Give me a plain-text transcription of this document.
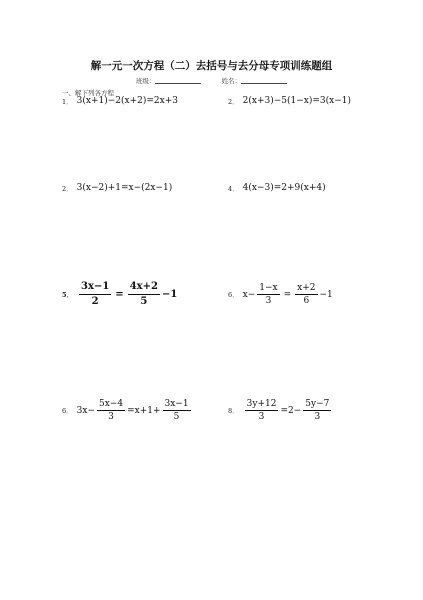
解一元一次方程（二）去括号与去分母专项训练题组
班级：	姓名：
一、解下列各方程
1． 3(x+1)−2(x+2)=2x+3	2． 2(x+3)−5(1−x)=3(x−1)
2． 3(x−2)+1=x−(2x−1)	4． 4(x−3)=2+9(x+4)
5． $\frac{3x-1}{2} = \frac{4x+2}{5} -1$	6． $x- \frac{1-x}{3} = \frac{x+2}{6} -1$
6． $3x- \frac{5x-4}{3} =x+1+ \frac{3x-1}{5}$	8． $\frac{3y+12}{3} =2- \frac{5y-7}{3}$
